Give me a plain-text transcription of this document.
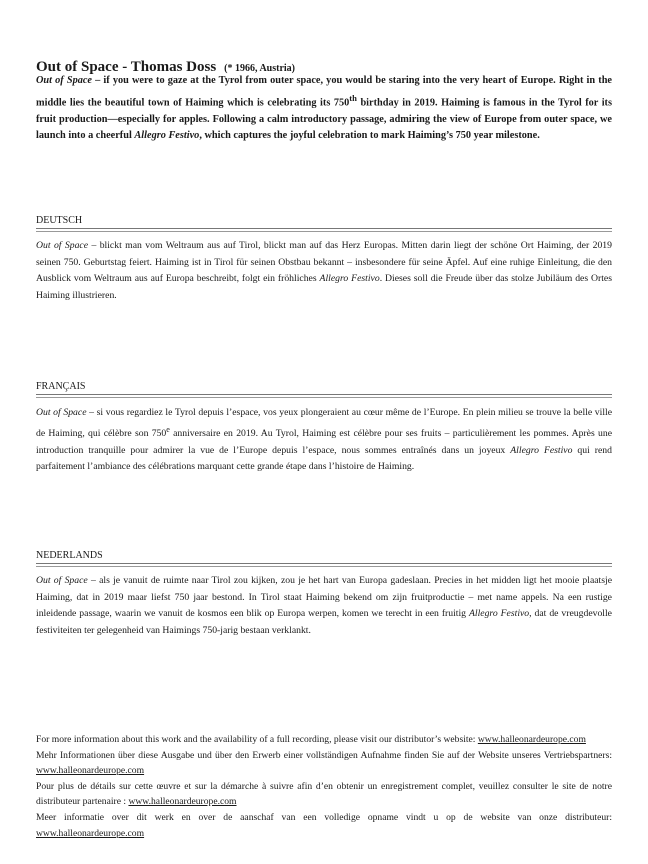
Out of Space - Thomas Doss (* 1966, Austria)

Out of Space – if you were to gaze at the Tyrol from outer space, you would be staring into the very heart of Europe. Right in the middle lies the beautiful town of Haiming which is celebrating its 750th birthday in 2019. Haiming is famous in the Tyrol for its fruit production—especially for apples. Following a calm introductory passage, admiring the view of Europe from outer space, we launch into a cheerful Allegro Festivo, which captures the joyful celebration to mark Haiming’s 750 year milestone.

DEUTSCH

Out of Space – blickt man vom Weltraum aus auf Tirol, blickt man auf das Herz Europas. Mitten darin liegt der schöne Ort Haiming, der 2019 seinen 750. Geburtstag feiert. Haiming ist in Tirol für seinen Obstbau bekannt – insbesondere für seine Äpfel. Auf eine ruhige Einleitung, die den Ausblick vom Weltraum aus auf Europa beschreibt, folgt ein fröhliches Allegro Festivo. Dieses soll die Freude über das stolze Jubiläum des Ortes Haiming illustrieren.

FRANÇAIS

Out of Space – si vous regardiez le Tyrol depuis l’espace, vos yeux plongeraient au cœur même de l’Europe. En plein milieu se trouve la belle ville de Haiming, qui célèbre son 750e anniversaire en 2019. Au Tyrol, Haiming est célèbre pour ses fruits – particulièrement les pommes. Après une introduction tranquille pour admirer la vue de l’Europe depuis l’espace, nous sommes entraînés dans un joyeux Allegro Festivo qui rend parfaitement l’ambiance des célébrations marquant cette grande étape dans l’histoire de Haiming.

NEDERLANDS

Out of Space – als je vanuit de ruimte naar Tirol zou kijken, zou je het hart van Europa gadeslaan. Precies in het midden ligt het mooie plaatsje Haiming, dat in 2019 maar liefst 750 jaar bestond. In Tirol staat Haiming bekend om zijn fruitproductie – met name appels. Na een rustige inleidende passage, waarin we vanuit de kosmos een blik op Europa werpen, komen we terecht in een fruitig Allegro Festivo, dat de vreugdevolle festiviteiten ter gelegenheid van Haimings 750-jarig bestaan verklankt.

For more information about this work and the availability of a full recording, please visit our distributor’s website: www.halleonardeurope.com

Mehr Informationen über diese Ausgabe und über den Erwerb einer vollständigen Aufnahme finden Sie auf der Website unseres Vertriebspartners: www.halleonardeurope.com

Pour plus de détails sur cette œuvre et sur la démarche à suivre afin d’en obtenir un enregistrement complet, veuillez consulter le site de notre distributeur partenaire : www.halleonardeurope.com

Meer informatie over dit werk en over de aanschaf van een volledige opname vindt u op de website van onze distributeur: www.halleonardeurope.com
